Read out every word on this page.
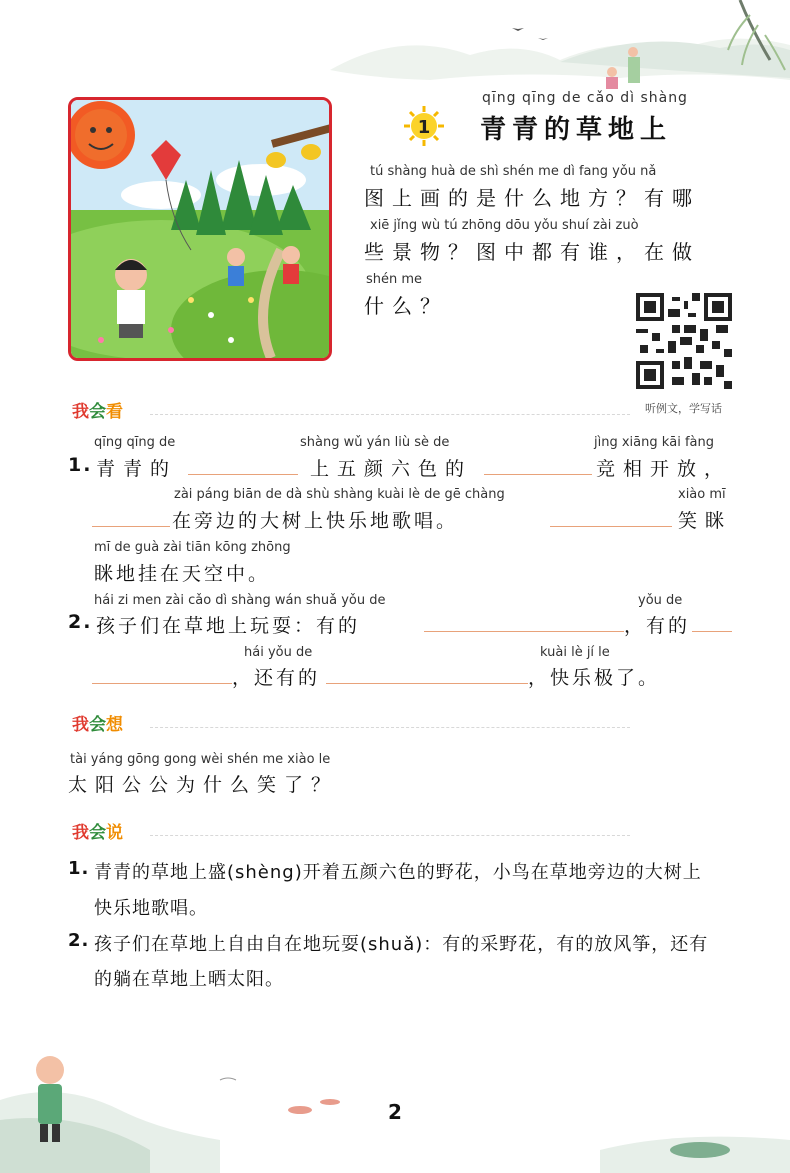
1
qīng qīng de cǎo dì shàng
青青的草地上
tú shàng huà de shì shén me dì fang yǒu nǎ
图上画的是什么地方？有哪
xiē jǐng wù tú zhōng dōu yǒu shuí zài zuò
些景物？图中都有谁，在做
shén me
什么？
听例文，学写话
我会看
qīng qīng de
1. 青青的
shàng wǔ yán liù sè de
上五颜六色的
jìng xiāng kāi fàng
竞相开放，
zài páng biān de dà shù shàng kuài lè de gē chàng
在旁边的大树上快乐地歌唱。
xiào mī
笑眯
mī de guà zài tiān kōng zhōng
眯地挂在天空中。
hái zi men zài cǎo dì shàng wán shuǎ yǒu de
2. 孩子们在草地上玩耍：有的
yǒu de
，有的
hái yǒu de
，还有的
kuài lè jí le
，快乐极了。
我会想
tài yáng gōng gong wèi shén me xiào le
太阳公公为什么笑了？
我会说
1. 青青的草地上盛(shèng)开着五颜六色的野花，小鸟在草地旁边的大树上
快乐地歌唱。
2. 孩子们在草地上自由自在地玩耍(shuǎ)：有的采野花，有的放风筝，还有
的躺在草地上晒太阳。
2
